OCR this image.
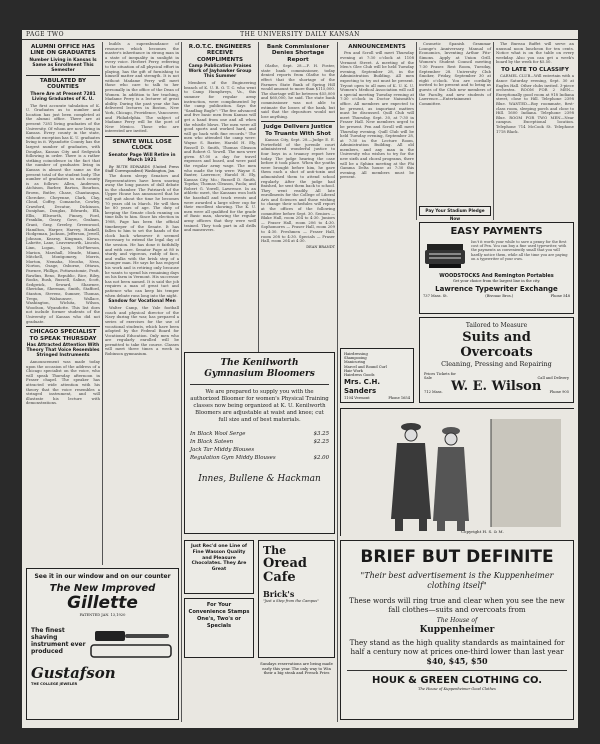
PAGE TWO	THE UNIVERSITY DAILY KANSAN
ALUMNI OFFICE HAS LINE ON GRADUATES
Number Living in Kansas Is Same as Enrollment This Semester
TABULATED BY COUNTIES
There Are at Present 7281 Living Graduates of K. U.

The first accurate tabulation of K. U. Graduates as to number and location has just been completed at the alumni office. There are at present 7281 living graduates of the University. Of whom are now living in Kansas. Every county in the state, without exception has K. U. graduates living in it. Wyandotte County has the largest number of graduates, with Douglas, Kansas City and Sedgwick following in order. There is a rather striking coincidence in the fact that the number of graduates living in Kansas is almost the same as the present total of the student body. The number of graduates in each county is as follows: Allen, Anderson, Atchison, Barber, Barton, Bourbon, Brown, Butler, Chase, Chautauqua, Cherokee, Cheyenne, Clark, Clay, Cloud, Coffey, Comanche, Cowley, Crawford, Decatur, Dickinson, Doniphan, Douglas, Edwards, Elk, Ellis, Ellsworth, Finney, Ford, Franklin, Geary, Gove, Graham, Grant, Gray, Greeley, Greenwood, Hamilton, Harper, Harvey, Haskell, Hodgeman, Jackson, Jefferson, Jewell, Johnson, Kearny, Kingman, Kiowa, Labette, Lane, Leavenworth, Lincoln, Linn, Logan, Lyon, McPherson, Marion, Marshall, Meade, Miami, Mitchell, Montgomery, Morris, Morton, Nemaha, Neosho, Ness, Norton, Osage, Osborne, Ottawa, Pawnee, Phillips, Pottawatomie, Pratt, Rawlins, Reno, Republic, Rice, Riley, Rooks, Rush, Russell, Saline, Scott, Sedgwick, Seward, Shawnee, Sheridan, Sherman, Smith, Stafford, Stanton, Stevens, Sumner, Thomas, Trego, Wabaunsee, Wallace, Washington, Wichita, Wilson, Woodson, Wyandotte. This list does not include former students of the University of Kansas who did not graduate.

CHICAGO SPECIALIST TO SPEAK THURSDAY
Has Attracted Attention With Theory That Voice Resembles Stringed Instruments

Announcement was made today upon the occasion of the address of a Chicago specialist on the voice, who will speak Thursday afternoon in Fraser chapel. The speaker has attracted wide attention with his theory that the voice resembles a stringed instrument, and will illustrate his lecture with demonstrations.

builds a superabundance of resources which becomes the master's inheritance in strong man in a state of inequality in sunlight in every voice. Herbert Perry, referring to the situation of all physical effort in playing, has the gift of furnishing to himself matter and strength. It is not without Madame Perry will meet those who care to talk to her personally in the office of the Dean of Women. In addition to her teaching, Madame Perry is a lecturer of great ability. During the past year she has delivered lectures in Boston, New York, Chicago, Providence, Vancouver, and Philadelphia. The subject of Madame Perry will be the poet of New Mexico. Those who are interested are invited.

SENATE WILL LOSE CLOCK
Senator Page Will Retire in March 1921

By RUTH EDWARDS (United Press Staff Correspondent) Washington, Jan.

The dozen sleepy Senators and Representatives have been snoring away the long pauses of dull debate in the chamber. The Patriarch of the Upper House has announced that he will quit about the time he becomes 70 years old in March. He will then be 80 years of age. The duty of keeping the Senate clock running on time falls to him. Since his election in 1908, Page has been the official timekeeper of the Senate. It has fallen to him to set the hands of the clock back whenever it seemed necessary to extend the legal day of the session. He has done it faithfully and with care. Senator Page at 80 is sturdy and vigorous, ruddy of face, and walks with the brisk step of a younger man. He says he has enjoyed his work and is retiring only because he wants to spend his remaining days on his farm in Vermont. His successor has not been named. It is said the job requires a man of great tact and patience who can keep his temper when debate runs long into the night.

Sandow for Vocational Men

Walter Camp, the Yale football coach and physical director of the Navy during the war, has prepared a series of exercises for the use of vocational students, which have been adopted by the Federal Board for Vocational Education. Only men who are regularly enrolled will be permitted to take the course. Classes will meet three times a week in Robinson gymnasium.

R.O.T.C. ENGINEERS RECEIVE COMPLIMENTS
Camp Publication Praises Work of Jayhawker Group This Summer

Members of the Engineering branch of K. U. R. O. T. C. who went to Camp Humphreys, Va., this summer for regular army instruction, were complimented by the camp publication. Says the "Sandbag Bugle": "The five advanced and five basic men from Kansas will get a hand from one and all when the whistle blows. The men were all good sports and worked hard, and will go back with fine records." The men who attended the camp were: Wayne S. Baxter, Harold H. Ely, Russell D. Smith, Thomas Gleason and Robert G. Yowell. The men were given $7.00 a day for travel expenses and board, and were paid the regular army wage. The men who made the trip were: Wayne S. Baxter, Lawrence; Harold H. Ely, Kansas City, Mo.; Russell D. Smith, Topeka; Thomas Gleason, Paola; and Robert G. Yowell, Lawrence. In an athletic meet, the Kansans won both the baseball and track events and were awarded a large silver cup for their excellent showing. The K. U. men were all qualified for the grade of Basic man, showing the regular army officers that they were well trained. They took part in all drills and maneuvers.

Bank Commissioner Denies Shortage Report

Olathe, Sept. 28.—F. H. Foster, state bank commissioner, today denied reports from Olathe to the effect that the shortage of the Farmers State Bank of Spring Hill would amount to more than $115,000. The shortage will be between $55,000 and $60,000, he said. The state bank commissioner was not able to estimate the losses of the bank, but said that the depositors would not lose anything.

Judge Delivers Justice To Truants With Shot

Kansas City, Sept. 28.—Judge E. E. Porterfield of the juvenile court administered wonderful justice to four boys in a truancy report here today. The judge hearing the case before it took place. When the youths were brought before him, he gave them each a shot of anti-toxin and admonished them to attend school regularly. After the judge had finished, he sent them back to school. They went readily. All late enrollments for the College of Liberal Arts and Sciences and those wishing to change their schedules will report at the offices of the following committee before Sept. 30. Seniors — Blake Hall, room 204 to 4:30. Juniors — Fraser Hall, room 206 to 4:30. Sophomores — Fraser Hall, room 209 to 4:30. Freshmen — Fraser Hall, room 208 to 4:30. Specials — Fraser Hall, room 204 at 4:30.

DEAN BRANDT

ANNOUNCEMENTS

Pen and Scroll will meet Thursday evening at 7:30 o'clock at 1108 Vermont Street. A meeting of the Men's Glee Club will be held Tuesday evening, September 28, in the Administration Building. All men expecting to try out must be present. Tryout open to all men of K. U. K. U. Women's Medical Association will call a special meeting Tuesday evening at 7:30 o'clock in Doctor Naismith's office. All members are expected to be present, as important matters must be discussed. Quill Club will meet Thursday, Sept. 30, at 7:30 in Fraser Hall. New members urged to be present. Pen and Scroll will meet Thursday evening. Quill Club will be held Tuesday evening, September 28, at 7:30 in the Lecture Room, Administration Building. All old members, and any man in the University who wishes to try for the new sixth and choral programs, there will be a Sphinx meeting at the Phi Gamma Delta house at 7:30 this evening. All members must be present.

Hairdressing
Shampooing
Manicuring
Marcel and Round Curl
Hair Work
Hairdress Goods
Mrs. C.H. Sanders
1104 Vermont	Phone 1654

Cosmetic Spanish Grammar Lounge's Anniversary, Manual of Economics, Inventing Arthur Fitz-Simons. Apply at Union Grill. Women's Student Council meeting 7:30 Fraser. Rest Room, Tuesday, September 28. University Club Smoker, Friday, September 30 at eight o'clock. You are cordially invited to be present and to bring as guests of the Club new members of the Faculty, and new students of Lawrence.—Entertainment Committee.

Pay Your Stadium Pledge Now

The Bureau Buffet will serve an unusual noon luncheon for ten cents. Notice what is on the table on every weekday. Also you can get a week's board by the week for $5.50.

TO LATE TO CLASSIFY

CARMEL CLUB—Will entertain with a dance Saturday evening, Sept. 30 at Eagles Hall. Other clubs invited. 3-piece orchestra. ROOM FOR 2 MEN—Exceptionally good room at 918 Indiana street, close to Hill. Telephone 2398 Blue. WANTED—Boy roommate, first-class room, sleeping porch and close to Hill. 1600 Indiana. Telephone 2398 Blue. ROOM FOR TWO MEN—Near campus. Exceptional location. Telephone 714 McCook St. Telephone 1718 Black.

EASY PAYMENTS
Isn't it worth your while to save a penny for the first cost of Pen. You can buy a fine used typewriter, with the payments as conveniently small that you will hardly notice them, while all the time you are paying on a typewriter of your own.
WOODSTOCKS And Remington Portables
Get your choice from the largest line in the city.
Lawrence Typewriter Exchange
737 Mass. St.	(Bivouac Bros.)	Phone 548
Tailored to Measure
Suits and Overcoats
Cleaning, Pressing and Repairing
Prices Tickets for Sale	Call and Delivery
712 Mass. W. E. Wilson Phone 905
The Kenilworth Gymnasium Bloomers
We are prepared to supply you with the authorized Bloomer for women's Physical Training classes now being organized at K. U. Kenilworth Bloomers are adjustable at waist and knee; cut full size and of best materials.
In Black Wool Serge	$3.25
In Black Sateen	$2.25
Jack Tar Middy Blouses
Regulation Gym Middy Blouses	$2.00
Innes, Bullene & Hackman
See it in our window and on our counter
The New Improved
Gillette
PATENTED JAN. 13,1920
The finest shaving instrument ever produced
Gustafson
THE COLLEGE JEWELER
Just Rec'd one Line of Fine Wasson Quality and Pleasure Chocolates. They Are Great
For Your Convenience Stamps One's, Two's or Specials
The
Oread Cafe
Brick's
"Just a Step from the Campus"

Sundays reservations are being made early this year. The only way to Win their a big steak and French Fries

Copyright H. S. & M.
BRIEF BUT DEFINITE
"Their best advertisement is the Kuppenheimer clothing itself"
These words will ring true and clear when you see the new fall clothes—suits and overcoats from
The House of
Kuppenheimer
They stand as the high quality standards as maintained for half a century now at prices one-third lower than last year
$40, $45, $50
HOUK & GREEN CLOTHING CO.
The House of Kuppenheimer Good Clothes
